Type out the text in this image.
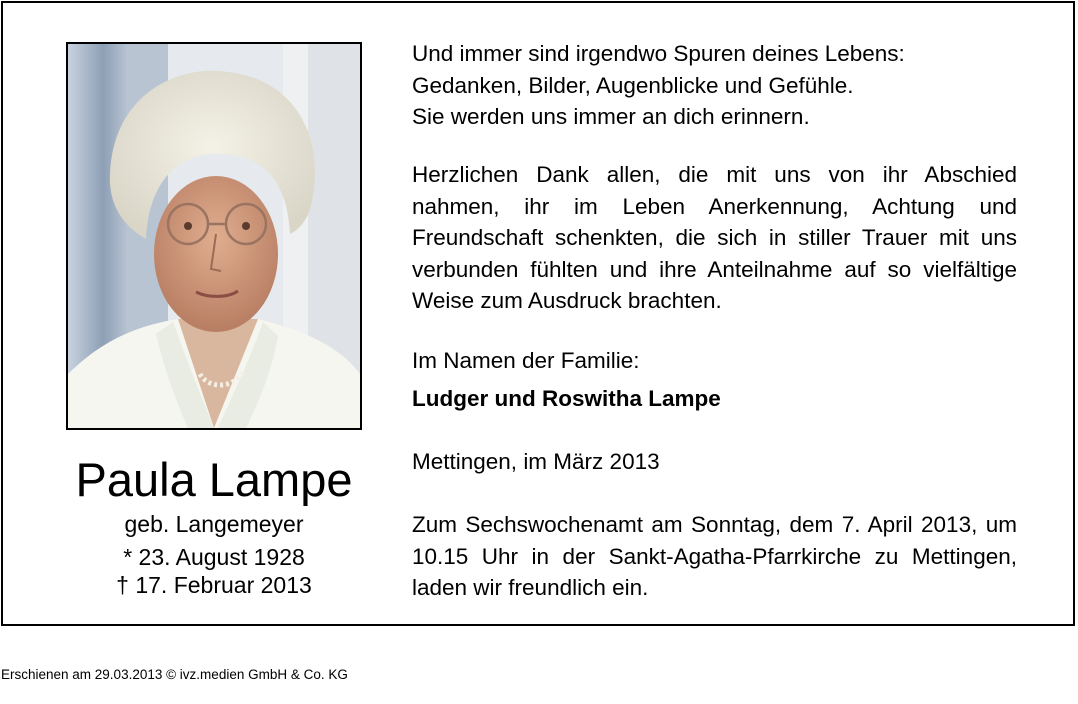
Paula Lampe
geb. Langemeyer
* 23. August 1928
† 17. Februar 2013

Und immer sind irgendwo Spuren deines Lebens:

Gedanken, Bilder, Augenblicke und Gefühle.

Sie werden uns immer an dich erinnern.

Herzlichen Dank allen, die mit uns von ihr Abschied nahmen, ihr im Leben Anerkennung, Achtung und Freundschaft schenkten, die sich in stiller Trauer mit uns verbunden fühlten und ihre Anteilnahme auf so vielfältige Weise zum Ausdruck brachten.
Im Namen der Familie:
Ludger und Roswitha Lampe
Mettingen, im März 2013
Zum Sechswochenamt am Sonntag, dem 7. April 2013, um 10.15 Uhr in der Sankt-Agatha-Pfarrkirche zu Mettingen, laden wir freundlich ein.
Erschienen am 29.03.2013 © ivz.medien GmbH & Co. KG
